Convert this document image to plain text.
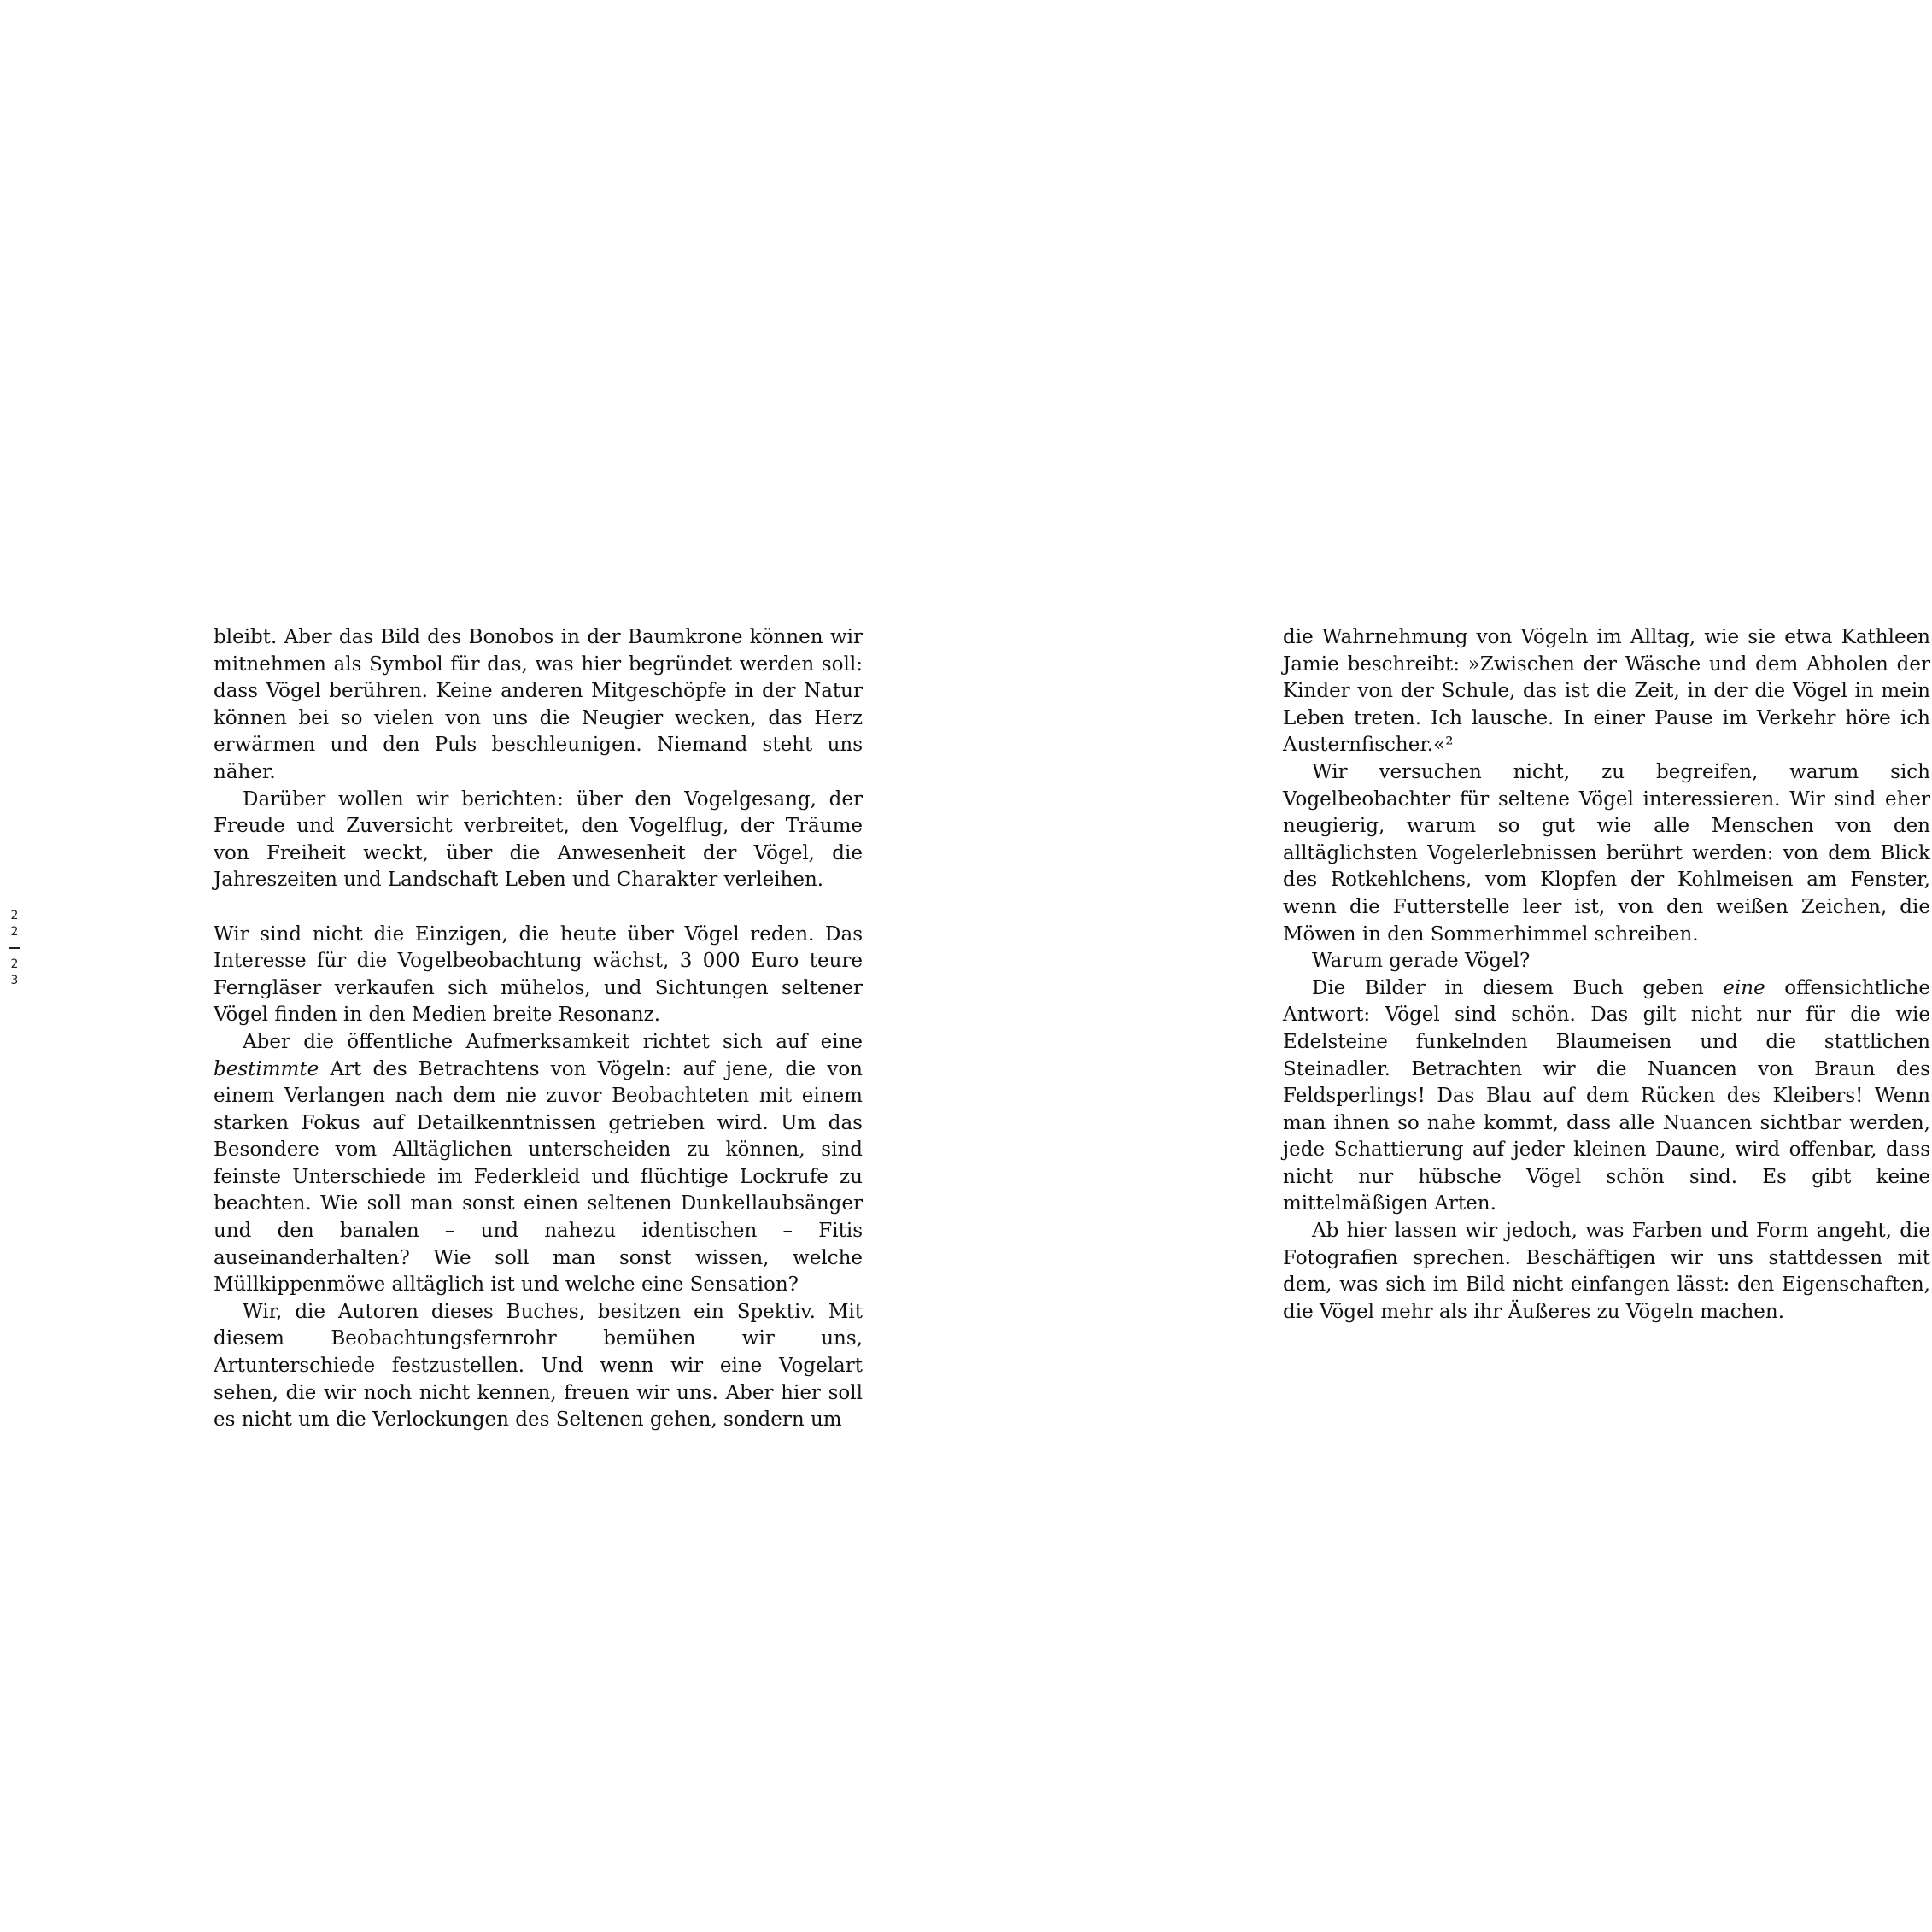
2
2
2
3

bleibt. Aber das Bild des Bonobos in der Baumkrone können wir mitnehmen als Symbol für das, was hier begründet werden soll: dass Vögel berühren. Keine anderen Mitgeschöpfe in der Natur können bei so vielen von uns die Neugier wecken, das Herz erwärmen und den Puls beschleunigen. Niemand steht uns näher.

Darüber wollen wir berichten: über den Vogelgesang, der Freude und Zuversicht verbreitet, den Vogelflug, der Träume von Freiheit weckt, über die Anwesenheit der Vögel, die Jahreszeiten und Landschaft Leben und Charakter verleihen.

Wir sind nicht die Einzigen, die heute über Vögel reden. Das Interesse für die Vogelbeobachtung wächst, 3 000 Euro teure Ferngläser verkaufen sich mühelos, und Sichtungen seltener Vögel finden in den Medien breite Resonanz.

Aber die öffentliche Aufmerksamkeit richtet sich auf eine bestimmte Art des Betrachtens von Vögeln: auf jene, die von einem Verlangen nach dem nie zuvor Beobachteten mit einem starken Fokus auf Detailkenntnissen getrieben wird. Um das Besondere vom Alltäglichen unterscheiden zu können, sind feinste Unterschiede im Federkleid und flüchtige Lockrufe zu beachten. Wie soll man sonst einen seltenen Dunkellaubsänger und den banalen – und nahezu identischen – Fitis auseinanderhalten? Wie soll man sonst wissen, welche Müllkippenmöwe alltäglich ist und welche eine Sensation?

Wir, die Autoren dieses Buches, besitzen ein Spektiv. Mit diesem Beobachtungsfernrohr bemühen wir uns, Artunterschiede festzustellen. Und wenn wir eine Vogelart sehen, die wir noch nicht kennen, freuen wir uns. Aber hier soll es nicht um die Verlockungen des Seltenen gehen, sondern um

die Wahrnehmung von Vögeln im Alltag, wie sie etwa Kathleen Jamie beschreibt: »Zwischen der Wäsche und dem Abholen der Kinder von der Schule, das ist die Zeit, in der die Vögel in mein Leben treten. Ich lausche. In einer Pause im Verkehr höre ich Austernfischer.«²

Wir versuchen nicht, zu begreifen, warum sich Vogelbeobachter für seltene Vögel interessieren. Wir sind eher neugierig, warum so gut wie alle Menschen von den alltäglichsten Vogelerlebnissen berührt werden: von dem Blick des Rotkehlchens, vom Klopfen der Kohlmeisen am Fenster, wenn die Futterstelle leer ist, von den weißen Zeichen, die Möwen in den Sommerhimmel schreiben.

Warum gerade Vögel?

Die Bilder in diesem Buch geben eine offensichtliche Antwort: Vögel sind schön. Das gilt nicht nur für die wie Edelsteine funkelnden Blaumeisen und die stattlichen Steinadler. Betrachten wir die Nuancen von Braun des Feldsperlings! Das Blau auf dem Rücken des Kleibers! Wenn man ihnen so nahe kommt, dass alle Nuancen sichtbar werden, jede Schattierung auf jeder kleinen Daune, wird offenbar, dass nicht nur hübsche Vögel schön sind. Es gibt keine mittelmäßigen Arten.

Ab hier lassen wir jedoch, was Farben und Form angeht, die Fotografien sprechen. Beschäftigen wir uns stattdessen mit dem, was sich im Bild nicht einfangen lässt: den Eigenschaften, die Vögel mehr als ihr Äußeres zu Vögeln machen.
